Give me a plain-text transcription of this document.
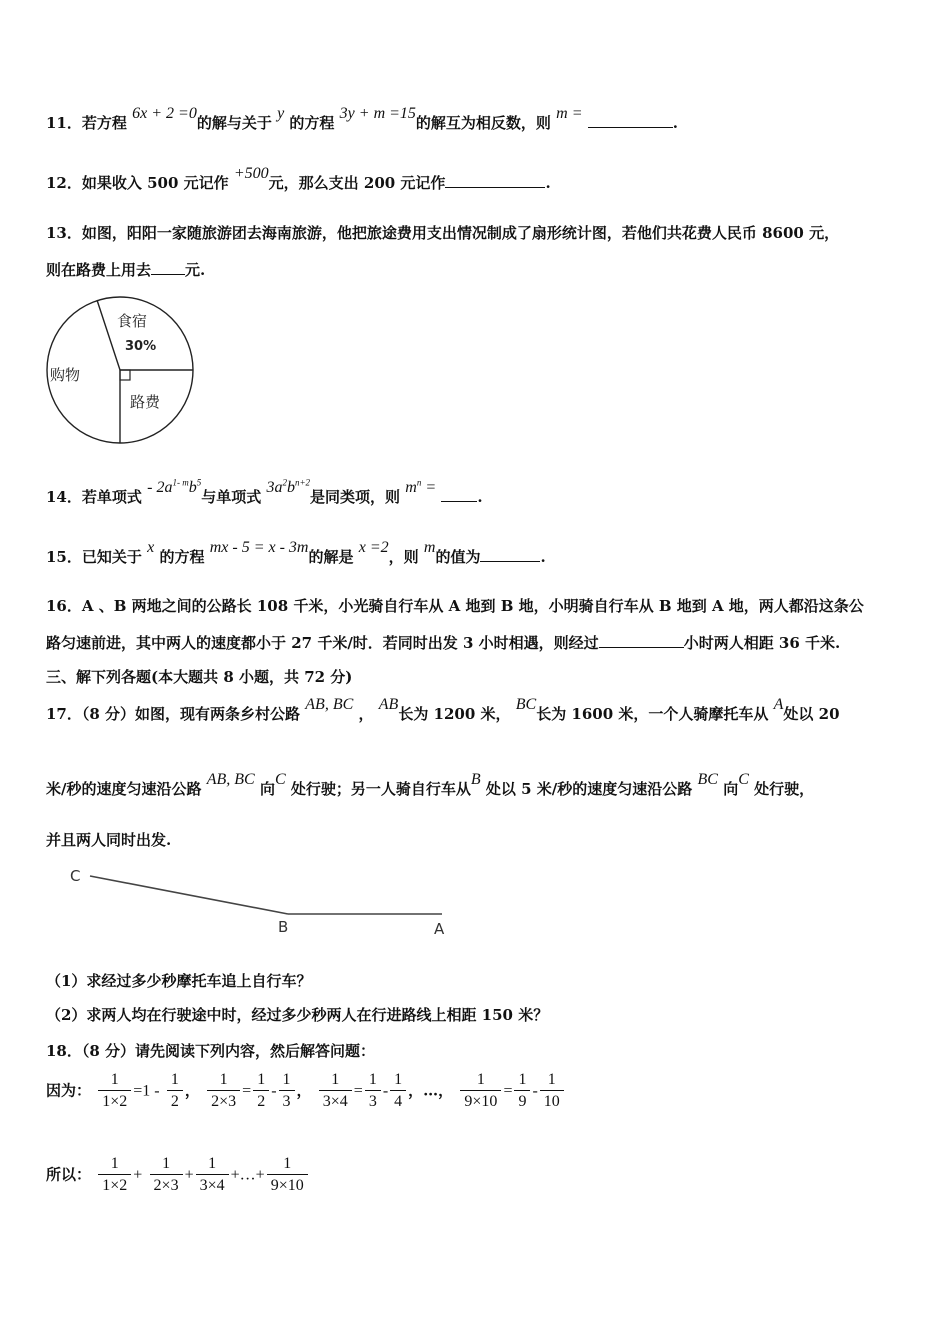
11．若方程 6x + 2 =0的解与关于 y 的方程 3y + m =15的解互为相反数，则 m = .
12．如果收入 500 元记作 +500元，那么支出 200 元记作	.
13．如图，阳阳一家随旅游团去海南旅游，他把旅途费用支出情况制成了扇形统计图，若他们共花费人民币 8600 元，
则在路费上用去 元.
食宿
30%
购物
路费
14．若单项式 - $2a^{1- m}b^5$与单项式 $3a^2b^{n+2}$是同类项，则 $m^n$ = .
15．已知关于 x 的方程 mx - 5 = x - 3m的解是 x =2，则 m的值为	.
16．A 、B 两地之间的公路长 108 千米，小光骑自行车从 A 地到 B 地，小明骑自行车从 B 地到 A 地，两人都沿这条公
路匀速前进，其中两人的速度都小于 27 千米/时．若同时出发 3 小时相遇，则经过	小时两人相距 36 千米.
三、解下列各题(本大题共 8 小题，共 72 分)
17．（8 分）如图，现有两条乡村公路 AB, BC ， AB长为 1200 米， BC长为 1600 米，一个人骑摩托车从 A处以 20
米/秒的速度匀速沿公路 AB, BC 向C 处行驶；另一人骑自行车从B 处以 5 米/秒的速度匀速沿公路 BC 向C 处行驶，
并且两人同时出发.
C
B	A
（1）求经过多少秒摩托车追上自行车？
（2）求两人均在行驶途中时，经过多少秒两人在行进路线上相距 150 米？
18．（8 分）请先阅读下列内容，然后解答问题：
因为： $\frac{1}{1\times 2} =1 - \frac{1}{2}$ ， $\frac{1}{2\times 3} = \frac{1}{2} - \frac{1}{3}$ ， $\frac{1}{3\times 4} = \frac{1}{3} - \frac{1}{4}$ ，…， $\frac{1}{9\times 10} = \frac{1}{9} - \frac{1}{10}$
所以： $\frac{1}{1\times 2} + \frac{1}{2\times 3} + \frac{1}{3\times 4}$ +…+ $\frac{1}{9\times 10}$
